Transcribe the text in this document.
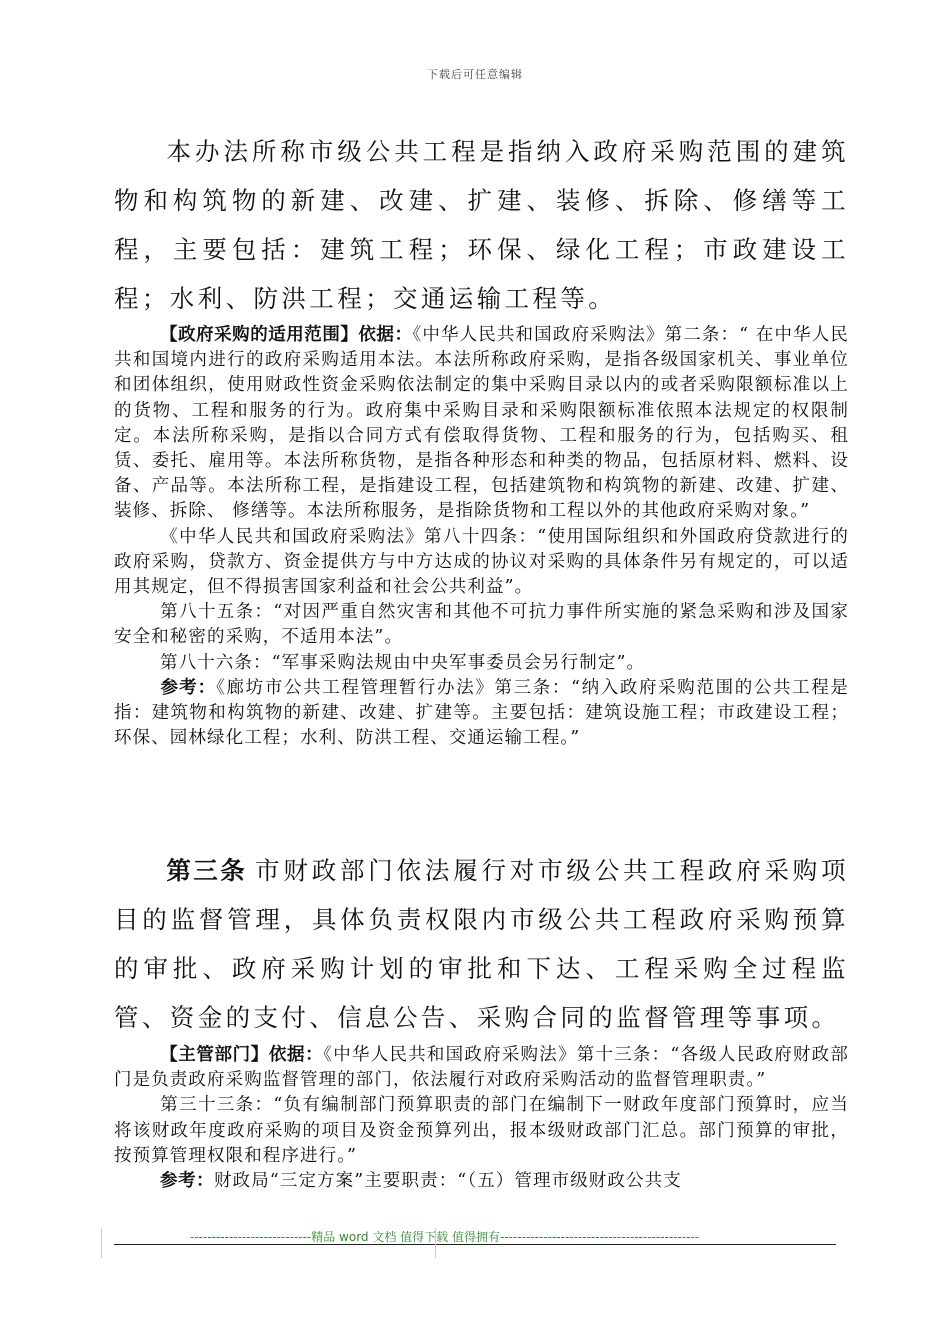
下载后可任意编辑

本办法所称市级公共工程是指纳入政府采购范围的建筑物和构筑物的新建、改建、扩建、装修、拆除、修缮等工程，主要包括：建筑工程；环保、绿化工程；市政建设工程；水利、防洪工程；交通运输工程等。

【政府采购的适用范围】依据：《中华人民共和国政府采购法》第二条：“ 在中华人民共和国境内进行的政府采购适用本法。本法所称政府采购，是指各级国家机关、事业单位和团体组织，使用财政性资金采购依法制定的集中采购目录以内的或者采购限额标准以上的货物、工程和服务的行为。政府集中采购目录和采购限额标准依照本法规定的权限制定。本法所称采购，是指以合同方式有偿取得货物、工程和服务的行为，包括购买、租赁、委托、雇用等。本法所称货物，是指各种形态和种类的物品，包括原材料、燃料、设备、产品等。本法所称工程，是指建设工程，包括建筑物和构筑物的新建、改建、扩建、装修、拆除、 修缮等。本法所称服务，是指除货物和工程以外的其他政府采购对象。”

《中华人民共和国政府采购法》第八十四条：“使用国际组织和外国政府贷款进行的政府采购，贷款方、资金提供方与中方达成的协议对采购的具体条件另有规定的，可以适用其规定，但不得损害国家利益和社会公共利益”。

第八十五条：“对因严重自然灾害和其他不可抗力事件所实施的紧急采购和涉及国家安全和秘密的采购，不适用本法”。

第八十六条：“军事采购法规由中央军事委员会另行制定”。

参考：《廊坊市公共工程管理暂行办法》第三条：“纳入政府采购范围的公共工程是指：建筑物和构筑物的新建、改建、扩建等。主要包括：建筑设施工程；市政建设工程；环保、园林绿化工程；水利、防洪工程、交通运输工程。”

第三条 市财政部门依法履行对市级公共工程政府采购项目的监督管理，具体负责权限内市级公共工程政府采购预算的审批、政府采购计划的审批和下达、工程采购全过程监管、资金的支付、信息公告、采购合同的监督管理等事项。

【主管部门】依据：《中华人民共和国政府采购法》第十三条：“各级人民政府财政部门是负责政府采购监督管理的部门，依法履行对政府采购活动的监督管理职责。”

第三十三条：“负有编制部门预算职责的部门在编制下一财政年度部门预算时，应当将该财政年度政府采购的项目及资金预算列出，报本级财政部门汇总。部门预算的审批，按预算管理权限和程序进行。”

参考：财政局“三定方案”主要职责：“（五）管理市级财政公共支

----------------------------精品 word 文档 值得下载 值得拥有----------------------------------------------
